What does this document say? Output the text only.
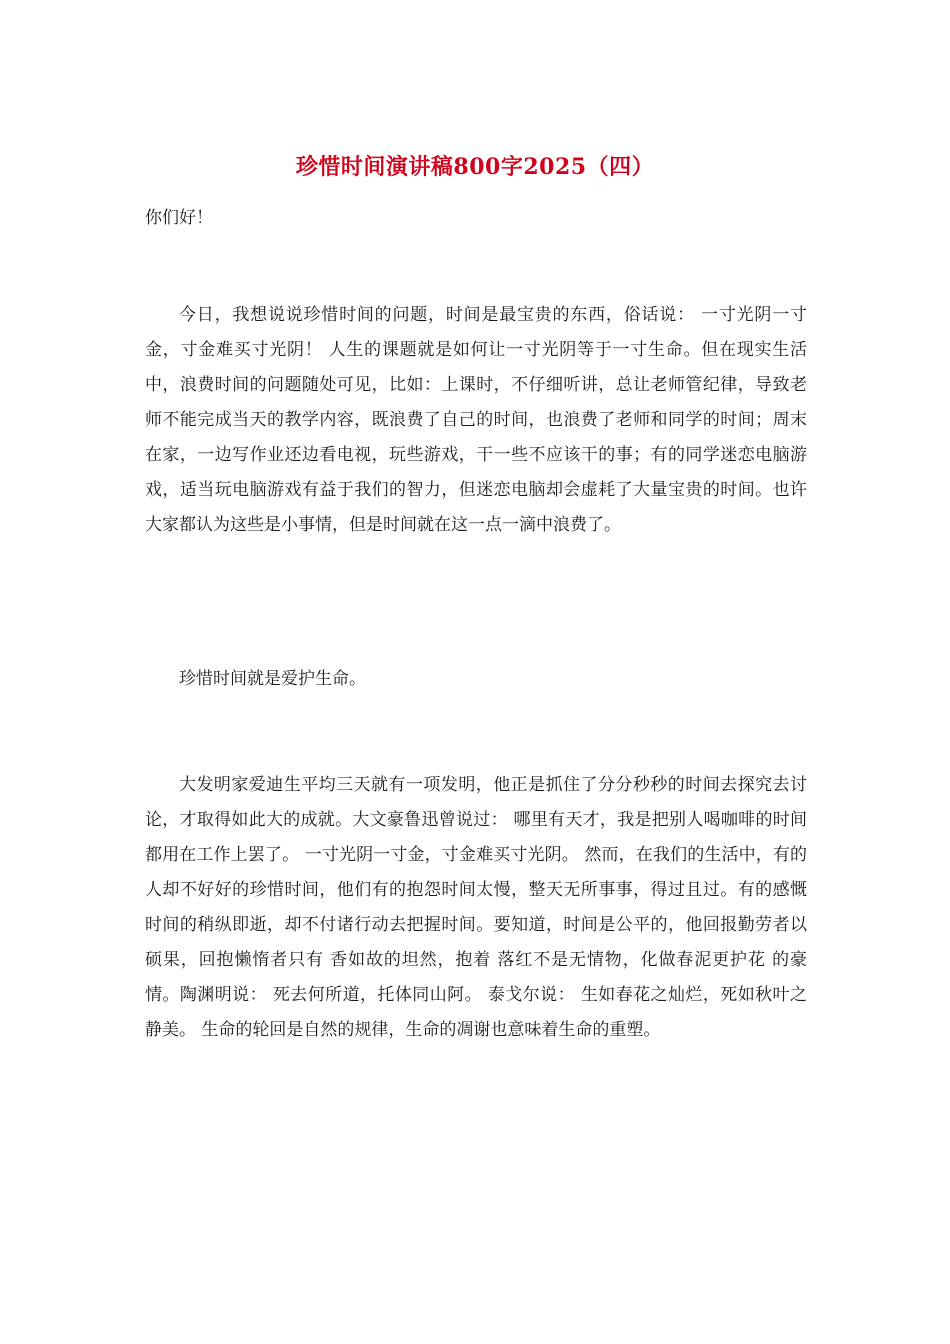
珍惜时间演讲稿800字2025（四）

你们好！

今日，我想说说珍惜时间的问题，时间是最宝贵的东西，俗话说： 一寸光阴一寸金，寸金难买寸光阴！ 人生的课题就是如何让一寸光阴等于一寸生命。但在现实生活中，浪费时间的问题随处可见，比如：上课时，不仔细听讲，总让老师管纪律，导致老师不能完成当天的教学内容，既浪费了自己的时间，也浪费了老师和同学的时间；周末在家，一边写作业还边看电视，玩些游戏，干一些不应该干的事；有的同学迷恋电脑游戏，适当玩电脑游戏有益于我们的智力，但迷恋电脑却会虚耗了大量宝贵的时间。也许大家都认为这些是小事情，但是时间就在这一点一滴中浪费了。

珍惜时间就是爱护生命。

大发明家爱迪生平均三天就有一项发明，他正是抓住了分分秒秒的时间去探究去讨论，才取得如此大的成就。大文豪鲁迅曾说过： 哪里有天才，我是把别人喝咖啡的时间都用在工作上罢了。 一寸光阴一寸金，寸金难买寸光阴。 然而，在我们的生活中，有的人却不好好的珍惜时间，他们有的抱怨时间太慢，整天无所事事，得过且过。有的感慨时间的稍纵即逝，却不付诸行动去把握时间。要知道，时间是公平的，他回报勤劳者以硕果，回抱懒惰者只有 香如故的坦然，抱着 落红不是无情物，化做春泥更护花 的豪情。陶渊明说： 死去何所道，托体同山阿。 泰戈尔说： 生如春花之灿烂，死如秋叶之静美。 生命的轮回是自然的规律，生命的凋谢也意味着生命的重塑。
